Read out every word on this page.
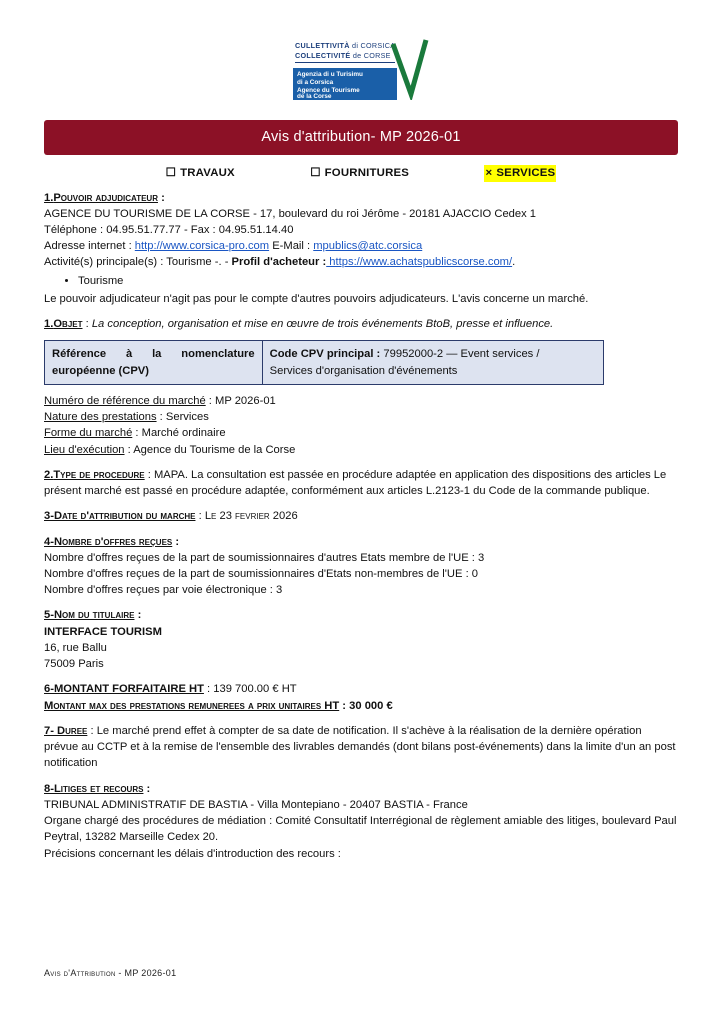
CULLETTIVITÀ di CORSICA
COLLECTIVITÉ de CORSE
Agenzia di u Turisimu
di a Corsica
Agence du Tourisme
de la Corse
Avis d'attribution- MP 2026-01
☐ TRAVAUX	☐ FOURNITURES	× SERVICES

1.Pouvoir adjudicateur :

AGENCE DU TOURISME DE LA CORSE - 17, boulevard du roi Jérôme - 20181 AJACCIO Cedex 1

Téléphone : 04.95.51.77.77 - Fax : 04.95.51.14.40

Adresse internet : http://www.corsica-pro.com E-Mail : mpublics@atc.corsica

Activité(s) principale(s) : Tourisme -. - Profil d'acheteur : https://www.achatspublicscorse.com/.

• Tourisme

Le pouvoir adjudicateur n'agit pas pour le compte d'autres pouvoirs adjudicateurs. L'avis concerne un marché.

1.Objet : La conception, organisation et mise en œuvre de trois événements BtoB, presse et influence.

Référence à la nomenclature
européenne (CPV)

Code CPV principal : 79952000-2 — Event services /
Services d'organisation d'événements

Numéro de référence du marché : MP 2026-01

Nature des prestations : Services

Forme du marché : Marché ordinaire

Lieu d'exécution : Agence du Tourisme de la Corse

2.Type de procedure : MAPA. La consultation est passée en procédure adaptée en application des dispositions des articles Le présent marché est passé en procédure adaptée, conformément aux articles L.2123-1 du Code de la commande publique.

3-Date d'attribution du marche : Le 23 fevrier 2026

4-Nombre d'offres reçues :

Nombre d'offres reçues de la part de soumissionnaires d'autres Etats membre de l'UE : 3

Nombre d'offres reçues de la part de soumissionnaires d'Etats non-membres de l'UE : 0

Nombre d'offres reçues par voie électronique : 3

5-Nom du titulaire :

INTERFACE TOURISM

16, rue Ballu

75009 Paris

6-MONTANT FORFAITAIRE HT : 139 700.00 € HT

Montant max des prestations remunerees a prix unitaires HT : 30 000 €

7- Duree : Le marché prend effet à compter de sa date de notification. Il s'achève à la réalisation de la dernière opération prévue au CCTP et à la remise de l'ensemble des livrables demandés (dont bilans post-événements) dans la limite d'un an post notification

8-Litiges et recours :

TRIBUNAL ADMINISTRATIF DE BASTIA - Villa Montepiano - 20407 BASTIA - France

Organe chargé des procédures de médiation : Comité Consultatif Interrégional de règlement amiable des litiges, boulevard Paul Peytral, 13282 Marseille Cedex 20.

Précisions concernant les délais d'introduction des recours :

Avis d'Attribution - MP 2026-01
